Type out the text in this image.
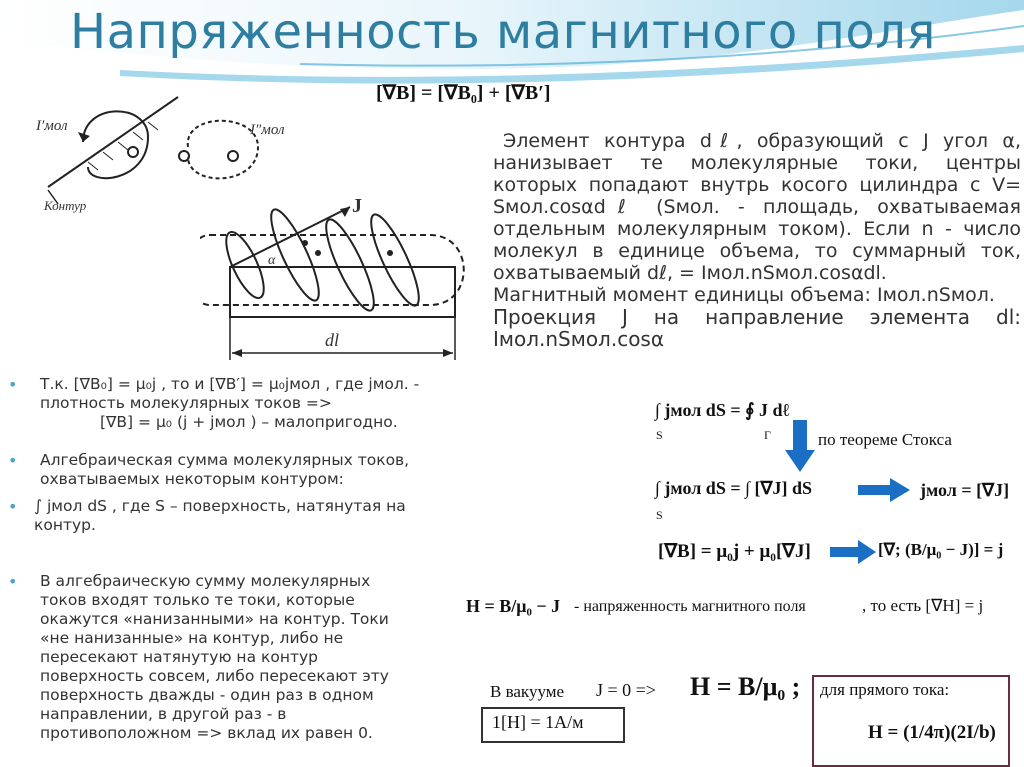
Напряженность магнитного поля
[∇B] = [∇B₀] + [∇B′]
I′мол	I″мол
Контур	J
α
dl

Элемент контура dℓ, образующий с J угол α, нанизывает те молекулярные токи, центры которых попадают внутрь косого цилиндра с V= Sмол.cosαdℓ (Sмол. - площадь, охватываемая отдельным молекулярным током). Если n - число молекул в единице объема, то суммарный ток, охватываемый dℓ, = Iмол.nSмол.cosαdl.

Магнитный момент единицы объема: Iмол.nSмол.

Проекция J на направление элемента dl: Iмол.nSмол.cosα

• Т.к. [∇B₀] = μ₀j , то и [∇B′] = μ₀jмол , где jмол. -
плотность молекулярных токов =>
[∇B] = μ₀ (j + jмол ) – малопригодно.
• Алгебраическая сумма молекулярных токов,
охватываемых некоторым контуром:
• ∫ jмол dS , где S – поверхность, натянутая на
контур.
• В алгебраическую сумму молекулярных
токов входят только те токи, которые
окажутся «нанизанными» на контур. Токи
«не нанизанные» на контур, либо не
пересекают натянутую на контур
поверхность совсем, либо пересекают эту
поверхность дважды - один раз в одном
направлении, в другой раз - в
противоположном => вклад их равен 0.
∫ jмол dS = ∮ J dℓ
S	Γ	по теореме Стокса
∫ jмол dS = ∫ [∇J] dS
S
jмол = [∇J]
[∇B] = μ₀j + μ₀[∇J]	[∇; (B/μ₀ − J)] = j
H = B/μ₀ − J - напряженность магнитного поля	, то есть [∇H] = j
В вакууме J = 0 => H = B/μ₀ ;
1[H] = 1A/м
для прямого тока:
H = (1/4π)(2I/b)
